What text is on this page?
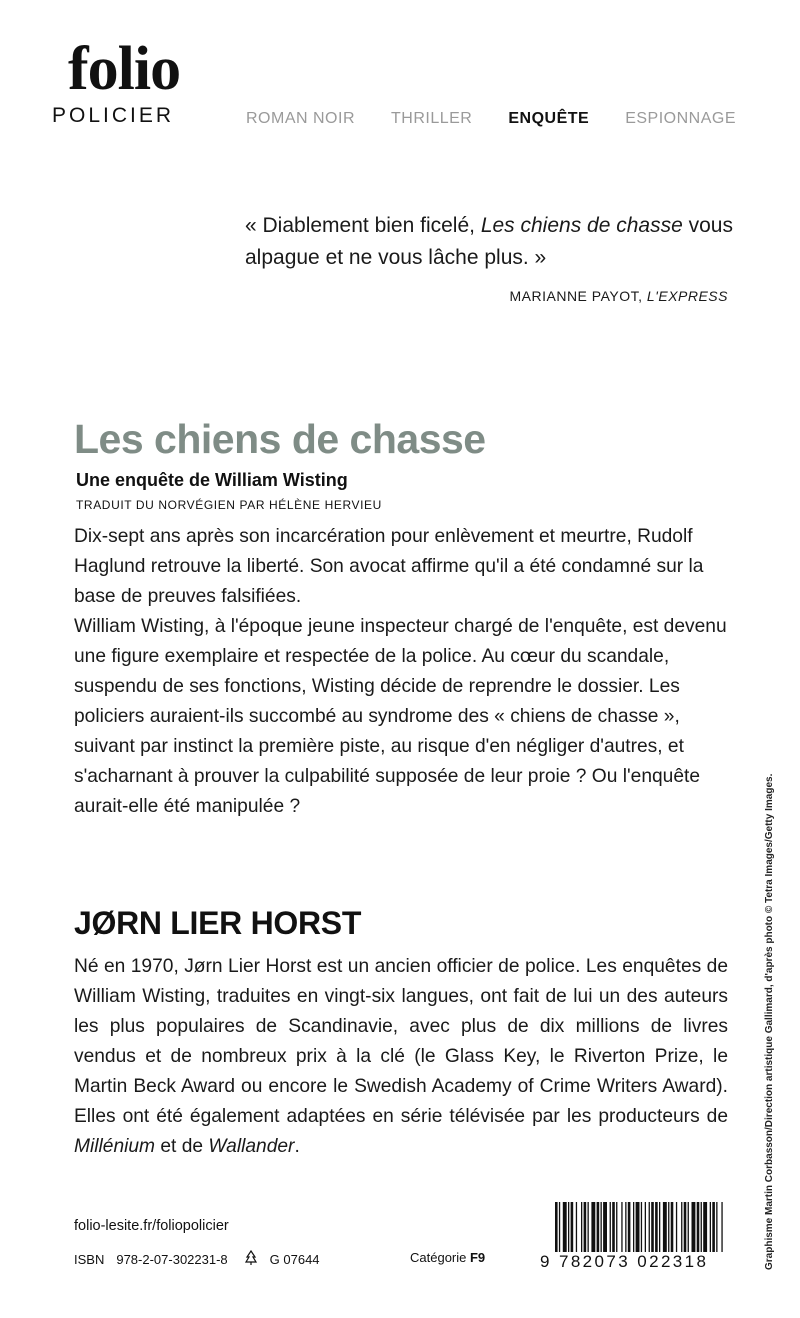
folio
POLICIER	ROMAN NOIR THRILLER ENQUÊTE ESPIONNAGE
« Diablement bien ficelé, Les chiens de chasse vous alpague et ne vous lâche plus. »
MARIANNE PAYOT, L'EXPRESS
Les chiens de chasse
Une enquête de William Wisting
TRADUIT DU NORVÉGIEN PAR HÉLÈNE HERVIEU

Dix-sept ans après son incarcération pour enlèvement et meurtre, Rudolf Haglund retrouve la liberté. Son avocat affirme qu'il a été condamné sur la base de preuves falsifiées.

William Wisting, à l'époque jeune inspecteur chargé de l'enquête, est devenu une figure exemplaire et respectée de la police. Au cœur du scandale, suspendu de ses fonctions, Wisting décide de reprendre le dossier. Les policiers auraient-ils succombé au syndrome des « chiens de chasse », suivant par instinct la première piste, au risque d'en négliger d'autres, et s'acharnant à prouver la culpabilité supposée de leur proie ? Ou l'enquête aurait-elle été manipulée ?

JØRN LIER HORST
Né en 1970, Jørn Lier Horst est un ancien officier de police. Les enquêtes de William Wisting, traduites en vingt-six langues, ont fait de lui un des auteurs les plus populaires de Scandinavie, avec plus de dix millions de livres vendus et de nombreux prix à la clé (le Glass Key, le Riverton Prize, le Martin Beck Award ou encore le Swedish Academy of Crime Writers Award). Elles ont été également adaptées en série télévisée par les producteurs de Millénium et de Wallander.
folio-lesite.fr/foliopolicier
ISBN 978-2-07-302231-8	G 07644	Catégorie F9	9 782073 022318	Graphisme Martin Corbasson/Direction artistique Gallimard, d'après photo © Tetra Images/Getty Images.
